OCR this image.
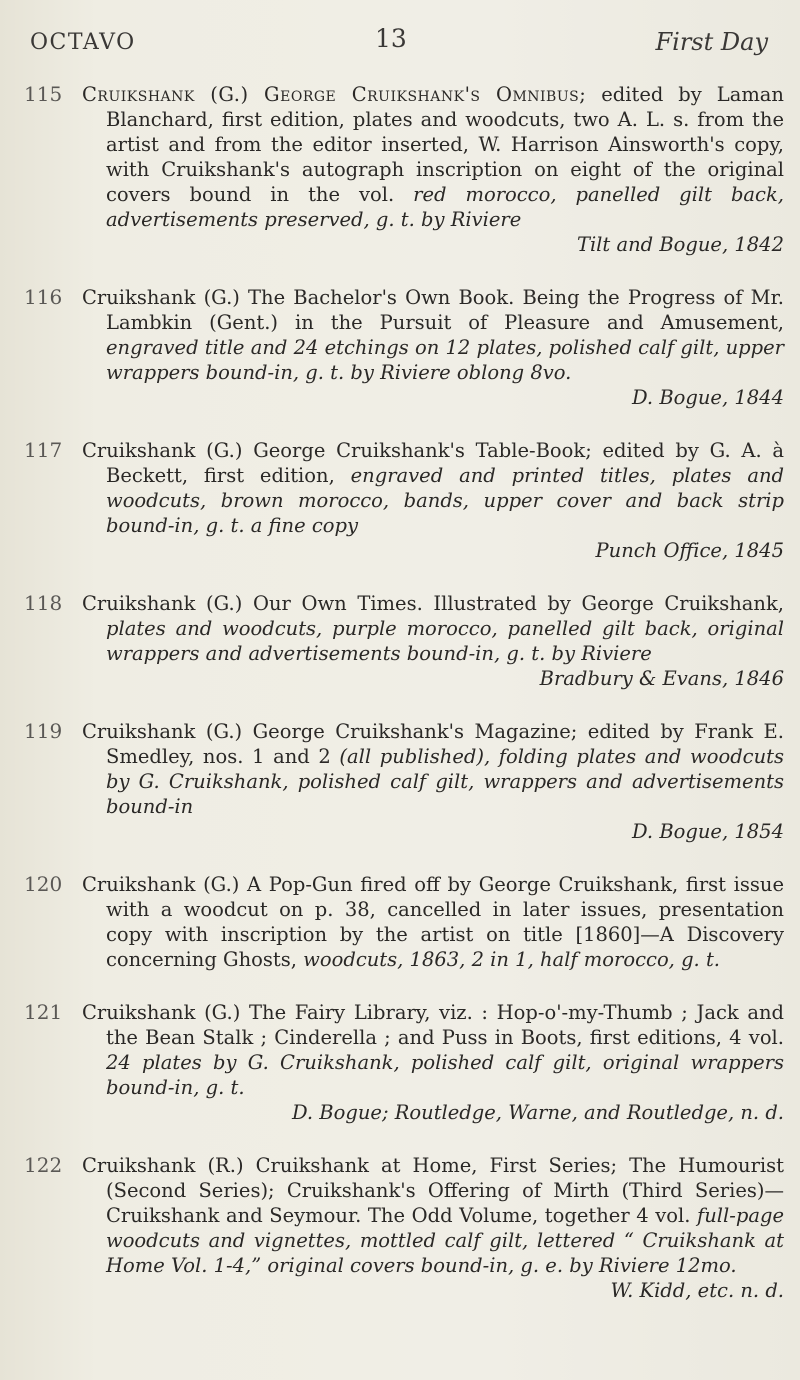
OCTAVO	13	First Day
115	Cruikshank (G.) George Cruikshank's Omnibus; edited by Laman Blanchard, first edition, plates and woodcuts, two A. L. s. from the artist and from the editor inserted, W. Harrison Ainsworth's copy, with Cruikshank's autograph inscription on eight of the original covers bound in the vol. red morocco, panelled gilt back, advertisements preserved, g. t. by Riviere
Tilt and Bogue, 1842
116	Cruikshank (G.) The Bachelor's Own Book. Being the Progress of Mr. Lambkin (Gent.) in the Pursuit of Pleasure and Amusement, engraved title and 24 etchings on 12 plates, polished calf gilt, upper wrappers bound-in, g. t. by Riviere oblong 8vo.
D. Bogue, 1844
117	Cruikshank (G.) George Cruikshank's Table-Book; edited by G. A. à Beckett, first edition, engraved and printed titles, plates and woodcuts, brown morocco, bands, upper cover and back strip bound-in, g. t. a fine copy
Punch Office, 1845
118	Cruikshank (G.) Our Own Times. Illustrated by George Cruikshank, plates and woodcuts, purple morocco, panelled gilt back, original wrappers and advertisements bound-in, g. t. by Riviere
Bradbury & Evans, 1846
119	Cruikshank (G.) George Cruikshank's Magazine; edited by Frank E. Smedley, nos. 1 and 2 (all published), folding plates and woodcuts by G. Cruikshank, polished calf gilt, wrappers and advertisements bound-in
D. Bogue, 1854
120	Cruikshank (G.) A Pop-Gun fired off by George Cruikshank, first issue with a woodcut on p. 38, cancelled in later issues, presentation copy with inscription by the artist on title [1860]—A Discovery concerning Ghosts, woodcuts, 1863, 2 in 1, half morocco, g. t.
121	Cruikshank (G.) The Fairy Library, viz. : Hop-o'-my-Thumb ; Jack and the Bean Stalk ; Cinderella ; and Puss in Boots, first editions, 4 vol. 24 plates by G. Cruikshank, polished calf gilt, original wrappers bound-in, g. t.
D. Bogue; Routledge, Warne, and Routledge, n. d.
122	Cruikshank (R.) Cruikshank at Home, First Series; The Humourist (Second Series); Cruikshank's Offering of Mirth (Third Series)—Cruikshank and Seymour. The Odd Volume, together 4 vol. full-page woodcuts and vignettes, mottled calf gilt, lettered “ Cruikshank at Home Vol. 1-4,” original covers bound-in, g. e. by Riviere 12mo.
W. Kidd, etc. n. d.
